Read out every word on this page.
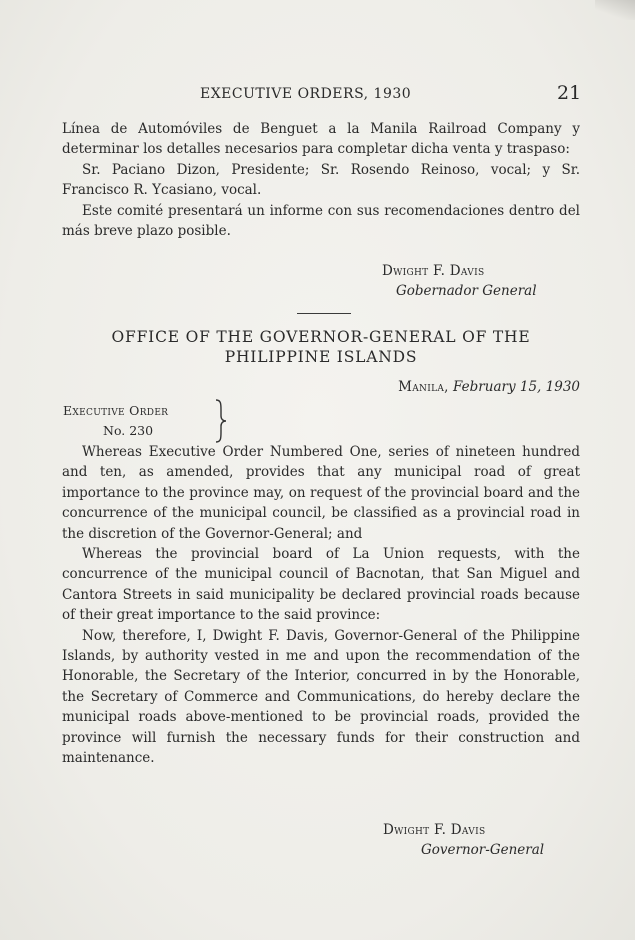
EXECUTIVE ORDERS, 1930	21

Línea de Automóviles de Benguet a la Manila Railroad Company y determinar los detalles necesarios para completar dicha venta y traspaso:

Sr. Paciano Dizon, Presidente; Sr. Rosendo Reinoso, vocal; y Sr. Francisco R. Ycasiano, vocal.

Este comité presentará un informe con sus recomendaciones dentro del más breve plazo posible.

Dwight F. Davis
Gobernador General
OFFICE OF THE GOVERNOR-GENERAL OF THE
PHILIPPINE ISLANDS
Manila, February 15, 1930
Executive Order
No. 230

Whereas Executive Order Numbered One, series of nineteen hundred and ten, as amended, provides that any municipal road of great importance to the province may, on request of the provincial board and the concurrence of the municipal council, be classified as a provincial road in the discretion of the Governor-General; and

Whereas the provincial board of La Union requests, with the concurrence of the municipal council of Bacnotan, that San Miguel and Cantora Streets in said municipality be declared provincial roads because of their great importance to the said province:

Now, therefore, I, Dwight F. Davis, Governor-General of the Philippine Islands, by authority vested in me and upon the recommendation of the Honorable, the Secretary of the Interior, concurred in by the Honorable, the Secretary of Commerce and Communications, do hereby declare the municipal roads above-mentioned to be provincial roads, provided the province will furnish the necessary funds for their construction and maintenance.

Dwight F. Davis
Governor-General
